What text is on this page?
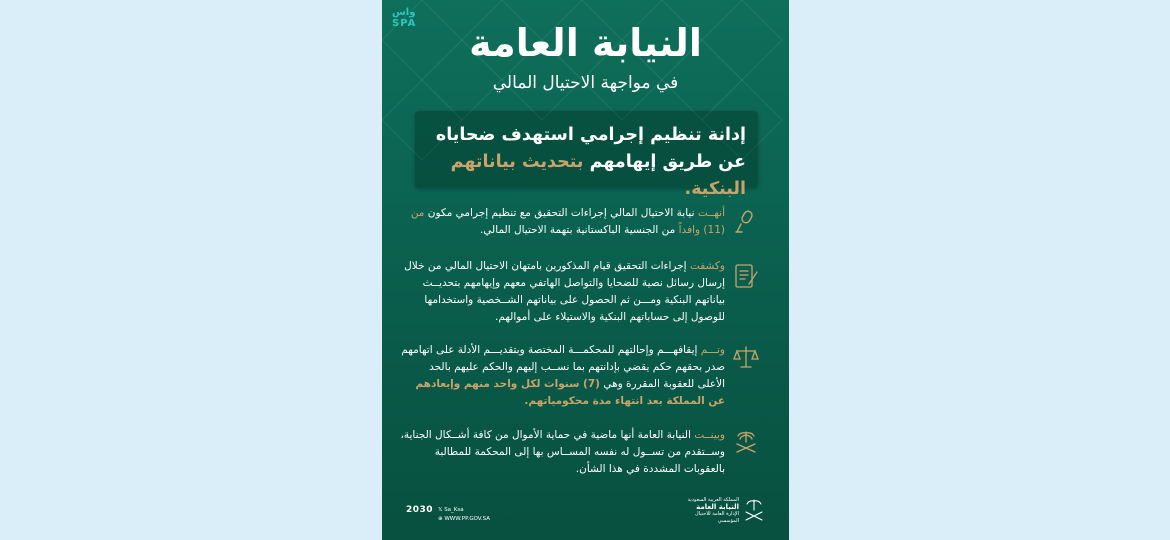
واس
SPA	النيابة العامة
في مواجهة الاحتيال المالي
إدانة تنظيم إجرامي استهدف ضحاياه عن طريق إيهامهم بتحديث بياناتهم البنكية.
أنهــت نيابة الاحتيال المالي إجراءات التحقيق مع تنظيم إجرامي مكون من (11) وافداً من الجنسية الباكستانية بتهمة الاحتيال المالي.
وكشفت إجراءات التحقيق قيام المذكورين بامتهان الاحتيال المالي من خلال إرسال رسائل نصية للضحايا والتواصل الهاتفي معهم وإيهامهم بتحديــث بياناتهم البنكية ومـــن ثم الحصول على بياناتهم الشــخصية واستخدامها للوصول إلى حساباتهم البنكية والاستيلاء على أموالهم.
وتـــم إيقافهـــم وإحالتهم للمحكمـــة المختصة وبتقديـــم الأدلة على اتهامهم صدر بحقهم حكم يقضي بإدانتهم بما نســب إليهم والحكم عليهم بالحد الأعلى للعقوبة المقررة وهي (7) سنوات لكل واحد منهم وإبعادهم عن المملكة بعد انتهاء مدة محكومياتهم.
وبينــت النيابة العامة أنها ماضية في حماية الأموال من كافة أشــكال الجناية، وســتقدم من تســول له نفسه المســاس بها إلى المحكمة للمطالبة بالعقوبات المشددة في هذا الشأن.
2030 𝕏 Sa_Ksa
⊕ WWW.PP.GOV.SA
المملكة العربية السعودية
النيابة العامة
الإدارة العامة للاحتيال المؤسسي
